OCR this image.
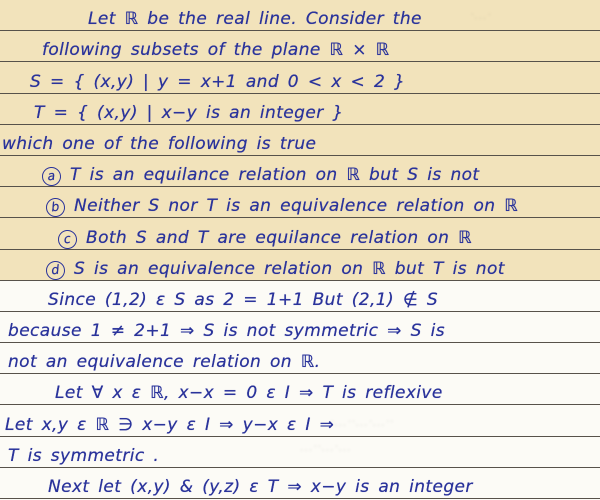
Let ℝ be the real line. Consider the
following subsets of the plane ℝ × ℝ
S = { (x,y) | y = x+1 and 0 < x < 2 }
T = { (x,y) | x−y is an integer }
which one of the following is true
a T is an equilance relation on ℝ but S is not
b Neither S nor T is an equivalence relation on ℝ
c Both S and T are equilance relation on ℝ
d S is an equivalence relation on ℝ but T is not
Since (1,2) ε S as 2 = 1+1 But (2,1) ∉ S
because 1 ≠ 2+1 ⇒ S is not symmetric ⇒ S is
not an equivalence relation on ℝ.
Let ∀ x ε ℝ, x−x = 0 ε I ⇒ T is reflexive
Let x,y ε ℝ ∋ x−y ε I ⇒ y−x ε I ⇒
T is symmetric .
Next let (x,y) & (y,z) ε T ⇒ x−y is an integer
